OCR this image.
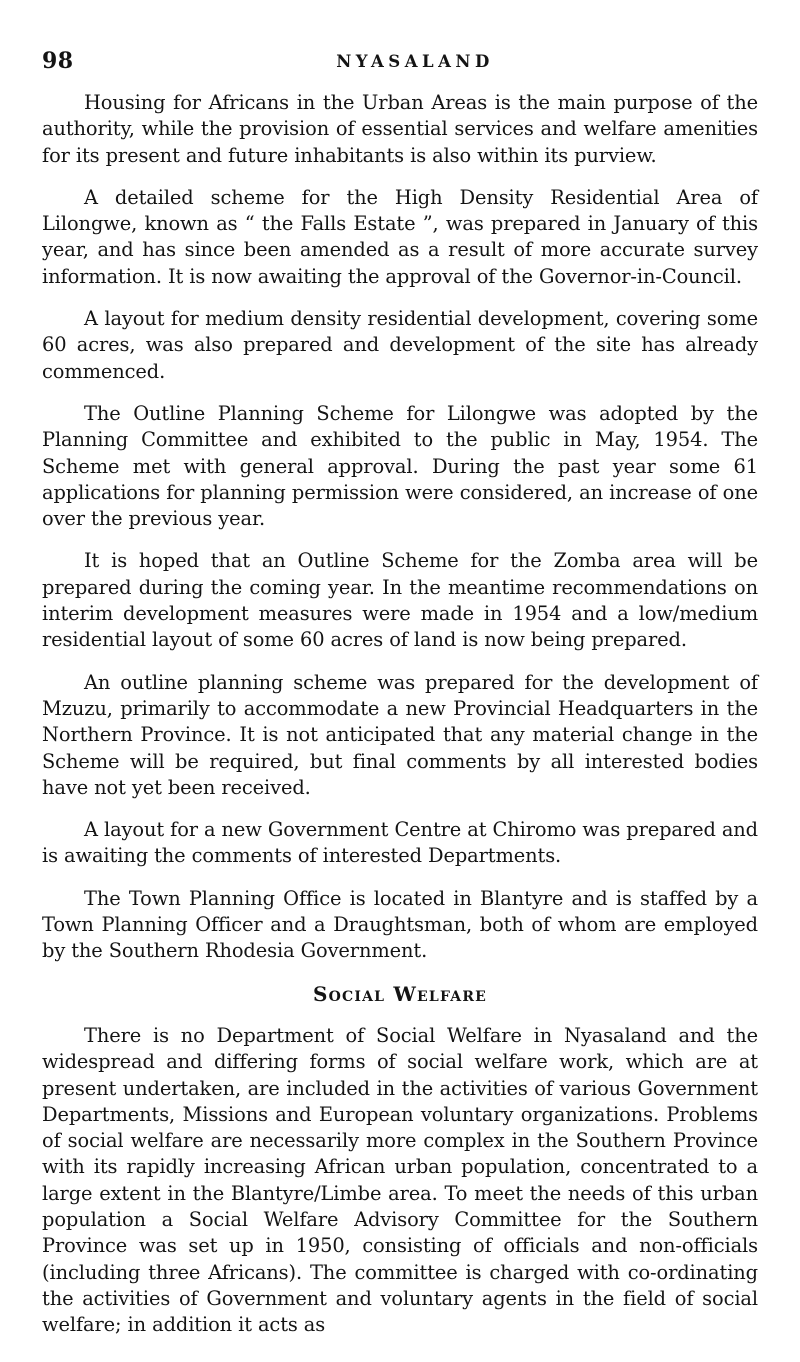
98	NYASALAND

Housing for Africans in the Urban Areas is the main purpose of the authority, while the provision of essential services and welfare amenities for its present and future inhabitants is also within its purview.

A detailed scheme for the High Density Residential Area of Lilongwe, known as “ the Falls Estate ”, was prepared in January of this year, and has since been amended as a result of more accurate survey information. It is now awaiting the approval of the Governor-in-Council.

A layout for medium density residential development, covering some 60 acres, was also prepared and development of the site has already commenced.

The Outline Planning Scheme for Lilongwe was adopted by the Planning Committee and exhibited to the public in May, 1954. The Scheme met with general approval. During the past year some 61 applications for planning permission were considered, an increase of one over the previous year.

It is hoped that an Outline Scheme for the Zomba area will be prepared during the coming year. In the meantime recommendations on interim development measures were made in 1954 and a low/medium residential layout of some 60 acres of land is now being prepared.

An outline planning scheme was prepared for the development of Mzuzu, primarily to accommodate a new Provincial Headquarters in the Northern Province. It is not anticipated that any material change in the Scheme will be required, but final comments by all interested bodies have not yet been received.

A layout for a new Government Centre at Chiromo was prepared and is awaiting the comments of interested Departments.

The Town Planning Office is located in Blantyre and is staffed by a Town Planning Officer and a Draughtsman, both of whom are employed by the Southern Rhodesia Government.

Social Welfare

There is no Department of Social Welfare in Nyasaland and the widespread and differing forms of social welfare work, which are at present undertaken, are included in the activities of various Government Departments, Missions and European voluntary organizations. Problems of social welfare are necessarily more complex in the Southern Province with its rapidly increasing African urban population, concentrated to a large extent in the Blantyre/Limbe area. To meet the needs of this urban population a Social Welfare Advisory Committee for the Southern Province was set up in 1950, consisting of officials and non-officials (including three Africans). The committee is charged with co-ordinating the activities of Government and voluntary agents in the field of social welfare; in addition it acts as
